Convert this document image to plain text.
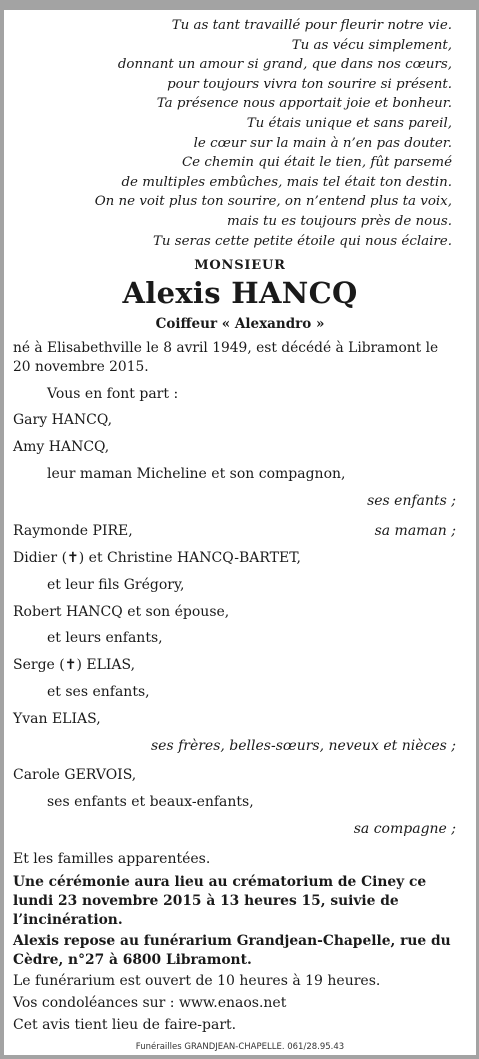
Tu as tant travaillé pour fleurir notre vie.
Tu as vécu simplement,
donnant un amour si grand, que dans nos cœurs,
pour toujours vivra ton sourire si présent.
Ta présence nous apportait joie et bonheur.
Tu étais unique et sans pareil,
le cœur sur la main à n’en pas douter.
Ce chemin qui était le tien, fût parsemé
de multiples embûches, mais tel était ton destin.
On ne voit plus ton sourire, on n’entend plus ta voix,
mais tu es toujours près de nous.
Tu seras cette petite étoile qui nous éclaire.
MONSIEUR
Alexis HANCQ
Coiffeur « Alexandro »
né à Elisabethville le 8 avril 1949, est décédé à Libramont le 20 novembre 2015.
Vous en font part :
Gary HANCQ,
Amy HANCQ,
leur maman Micheline et son compagnon,
ses enfants ;
Raymonde PIRE,	sa maman ;
Didier (✝) et Christine HANCQ-BARTET,
et leur fils Grégory,
Robert HANCQ et son épouse,
et leurs enfants,
Serge (✝) ELIAS,
et ses enfants,
Yvan ELIAS,
ses frères, belles-sœurs, neveux et nièces ;
Carole GERVOIS,
ses enfants et beaux-enfants,
sa compagne ;
Et les familles apparentées.
Une cérémonie aura lieu au crématorium de Ciney ce lundi 23 novembre 2015 à 13 heures 15, suivie de l’incinération.
Alexis repose au funérarium Grandjean-Chapelle, rue du Cèdre, n°27 à 6800 Libramont.
Le funérarium est ouvert de 10 heures à 19 heures.
Vos condoléances sur : www.enaos.net
Cet avis tient lieu de faire-part.
Funérailles GRANDJEAN-CHAPELLE. 061/28.95.43
